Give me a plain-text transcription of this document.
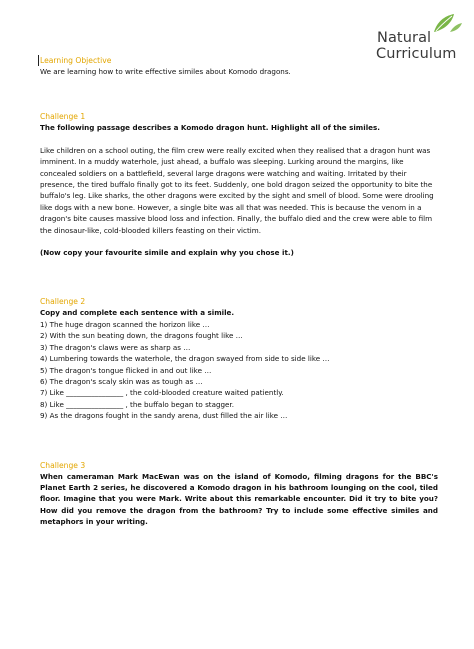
Natural
Curriculum
Learning Objective

We are learning how to write effective similes about Komodo dragons.

Challenge 1

The following passage describes a Komodo dragon hunt. Highlight all of the similes.

Like children on a school outing, the film crew were really excited when they realised that a dragon hunt was imminent. In a muddy waterhole, just ahead, a buffalo was sleeping. Lurking around the margins, like concealed soldiers on a battlefield, several large dragons were watching and waiting. Irritated by their presence, the tired buffalo finally got to its feet. Suddenly, one bold dragon seized the opportunity to bite the buffalo's leg. Like sharks, the other dragons were excited by the sight and smell of blood. Some were drooling like dogs with a new bone. However, a single bite was all that was needed. This is because the venom in a dragon's bite causes massive blood loss and infection. Finally, the buffalo died and the crew were able to film the dinosaur-like, cold-blooded killers feasting on their victim.

(Now copy your favourite simile and explain why you chose it.)

Challenge 2

Copy and complete each sentence with a simile.

1) The huge dragon scanned the horizon like …
2) With the sun beating down, the dragons fought like …
3) The dragon's claws were as sharp as …
4) Lumbering towards the waterhole, the dragon swayed from side to side like …
5) The dragon's tongue flicked in and out like …
6) The dragon's scaly skin was as tough as …
7) Like ________________ , the cold-blooded creature waited patiently.
8) Like ________________ , the buffalo began to stagger.
9) As the dragons fought in the sandy arena, dust filled the air like …
Challenge 3

When cameraman Mark MacEwan was on the island of Komodo, filming dragons for the BBC's Planet Earth 2 series, he discovered a Komodo dragon in his bathroom lounging on the cool, tiled floor. Imagine that you were Mark. Write about this remarkable encounter. Did it try to bite you? How did you remove the dragon from the bathroom? Try to include some effective similes and metaphors in your writing.
